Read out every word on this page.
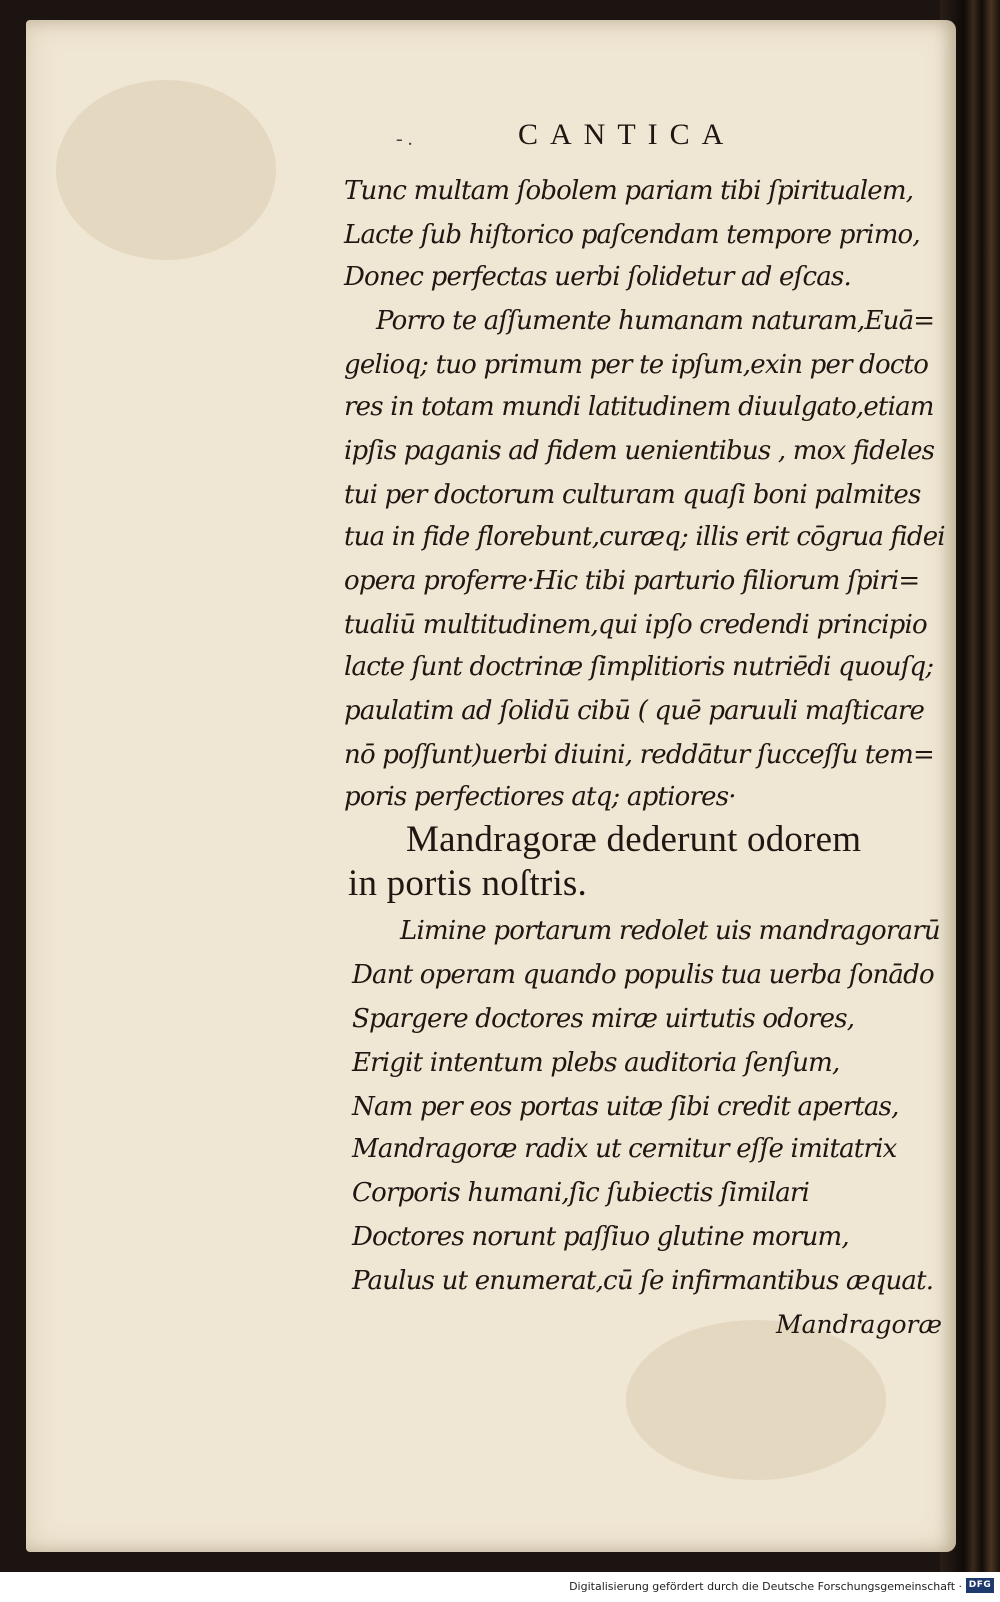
- .	CANTICA
Tunc multam ſobolem pariam tibi ſpiritualem,
Lacte ſub hiſtorico paſcendam tempore primo,
Donec perfectas uerbi ſolidetur ad eſcas.
Porro te aſſumente humanam naturam,Euā=
gelioq; tuo primum per te ipſum,exin per docto
res in totam mundi latitudinem diuulgato,etiam
ipſis paganis ad fidem uenientibus , mox fideles
tui per doctorum culturam quaſi boni palmites
tua in fide florebunt,curæq; illis erit cōgrua fidei
opera proferre·Hic tibi parturio filiorum ſpiri=
tualiū multitudinem,qui ipſo credendi principio
lacte ſunt doctrinæ ſimplitioris nutriēdi quouſq;
paulatim ad ſolidū cibū ( quē paruuli maſticare
nō poſſunt)uerbi diuini, reddātur ſucceſſu tem=
poris perfectiores atq; aptiores·
Mandragoræ dederunt odorem
in portis noſtris.
Limine portarum redolet uis mandragorarū
Dant operam quando populis tua uerba ſonādo
Spargere doctores miræ uirtutis odores,
Erigit intentum plebs auditoria ſenſum,
Nam per eos portas uitæ ſibi credit apertas,
Mandragoræ radix ut cernitur eſſe imitatrix
Corporis humani,ſic ſubiectis ſimilari
Doctores norunt paſſiuo glutine morum,
Paulus ut enumerat,cū ſe infirmantibus æquat.
Mandragoræ
Digitalisierung gefördert durch die Deutsche Forschungsgemeinschaft · DFG
